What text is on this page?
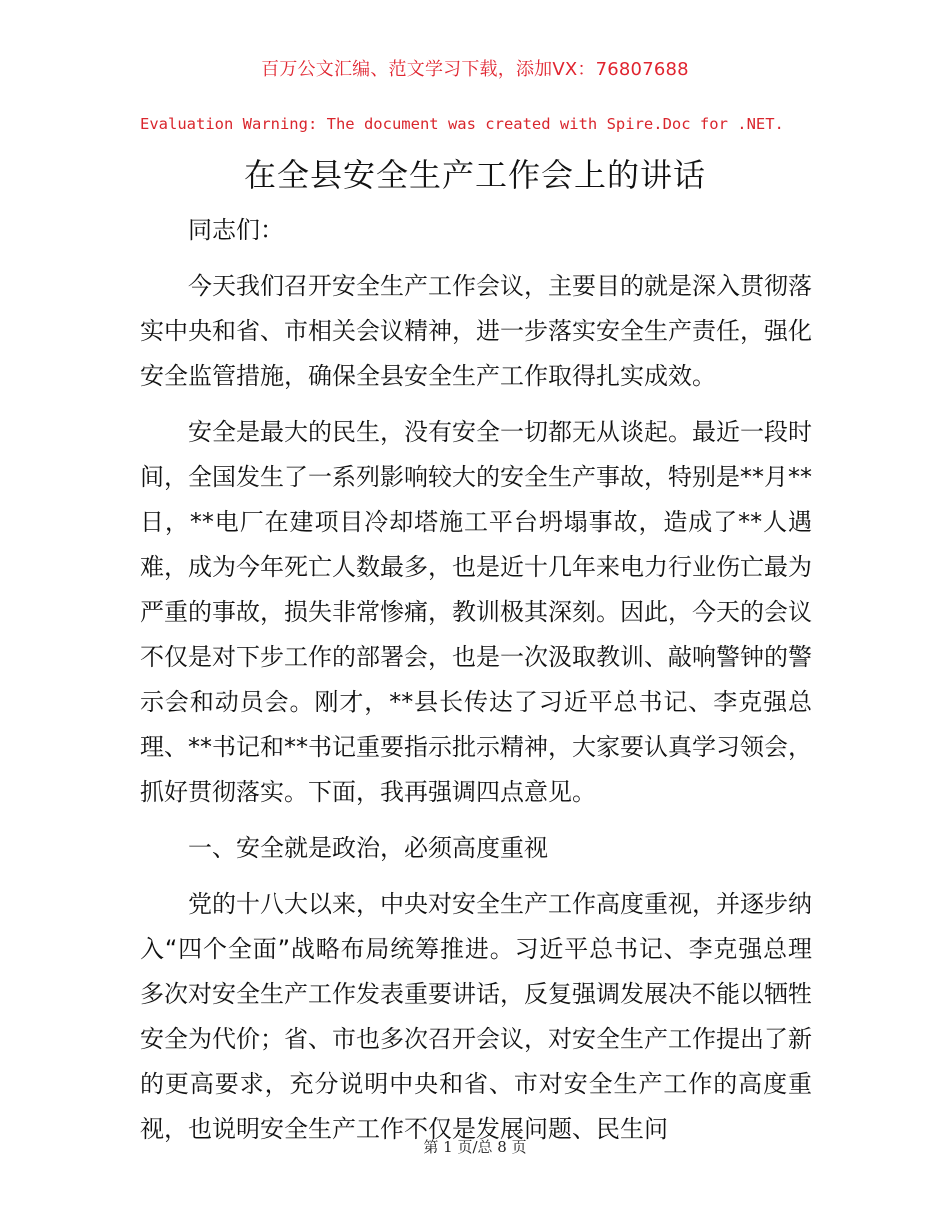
百万公文汇编、范文学习下载，添加VX：76807688
Evaluation Warning: The document was created with Spire.Doc for .NET.
在全县安全生产工作会上的讲话

同志们：

今天我们召开安全生产工作会议，主要目的就是深入贯彻落实中央和省、市相关会议精神，进一步落实安全生产责任，强化安全监管措施，确保全县安全生产工作取得扎实成效。

安全是最大的民生，没有安全一切都无从谈起。最近一段时间，全国发生了一系列影响较大的安全生产事故，特别是**月**日，**电厂在建项目冷却塔施工平台坍塌事故，造成了**人遇难，成为今年死亡人数最多，也是近十几年来电力行业伤亡最为严重的事故，损失非常惨痛，教训极其深刻。因此，今天的会议不仅是对下步工作的部署会，也是一次汲取教训、敲响警钟的警示会和动员会。刚才，**县长传达了习近平总书记、李克强总理、**书记和**书记重要指示批示精神，大家要认真学习领会，抓好贯彻落实。下面，我再强调四点意见。

一、安全就是政治，必须高度重视

党的十八大以来，中央对安全生产工作高度重视，并逐步纳入“四个全面”战略布局统筹推进。习近平总书记、李克强总理多次对安全生产工作发表重要讲话，反复强调发展决不能以牺牲安全为代价；省、市也多次召开会议，对安全生产工作提出了新的更高要求，充分说明中央和省、市对安全生产工作的高度重视，也说明安全生产工作不仅是发展问题、民生问

第 1 页/总 8 页
